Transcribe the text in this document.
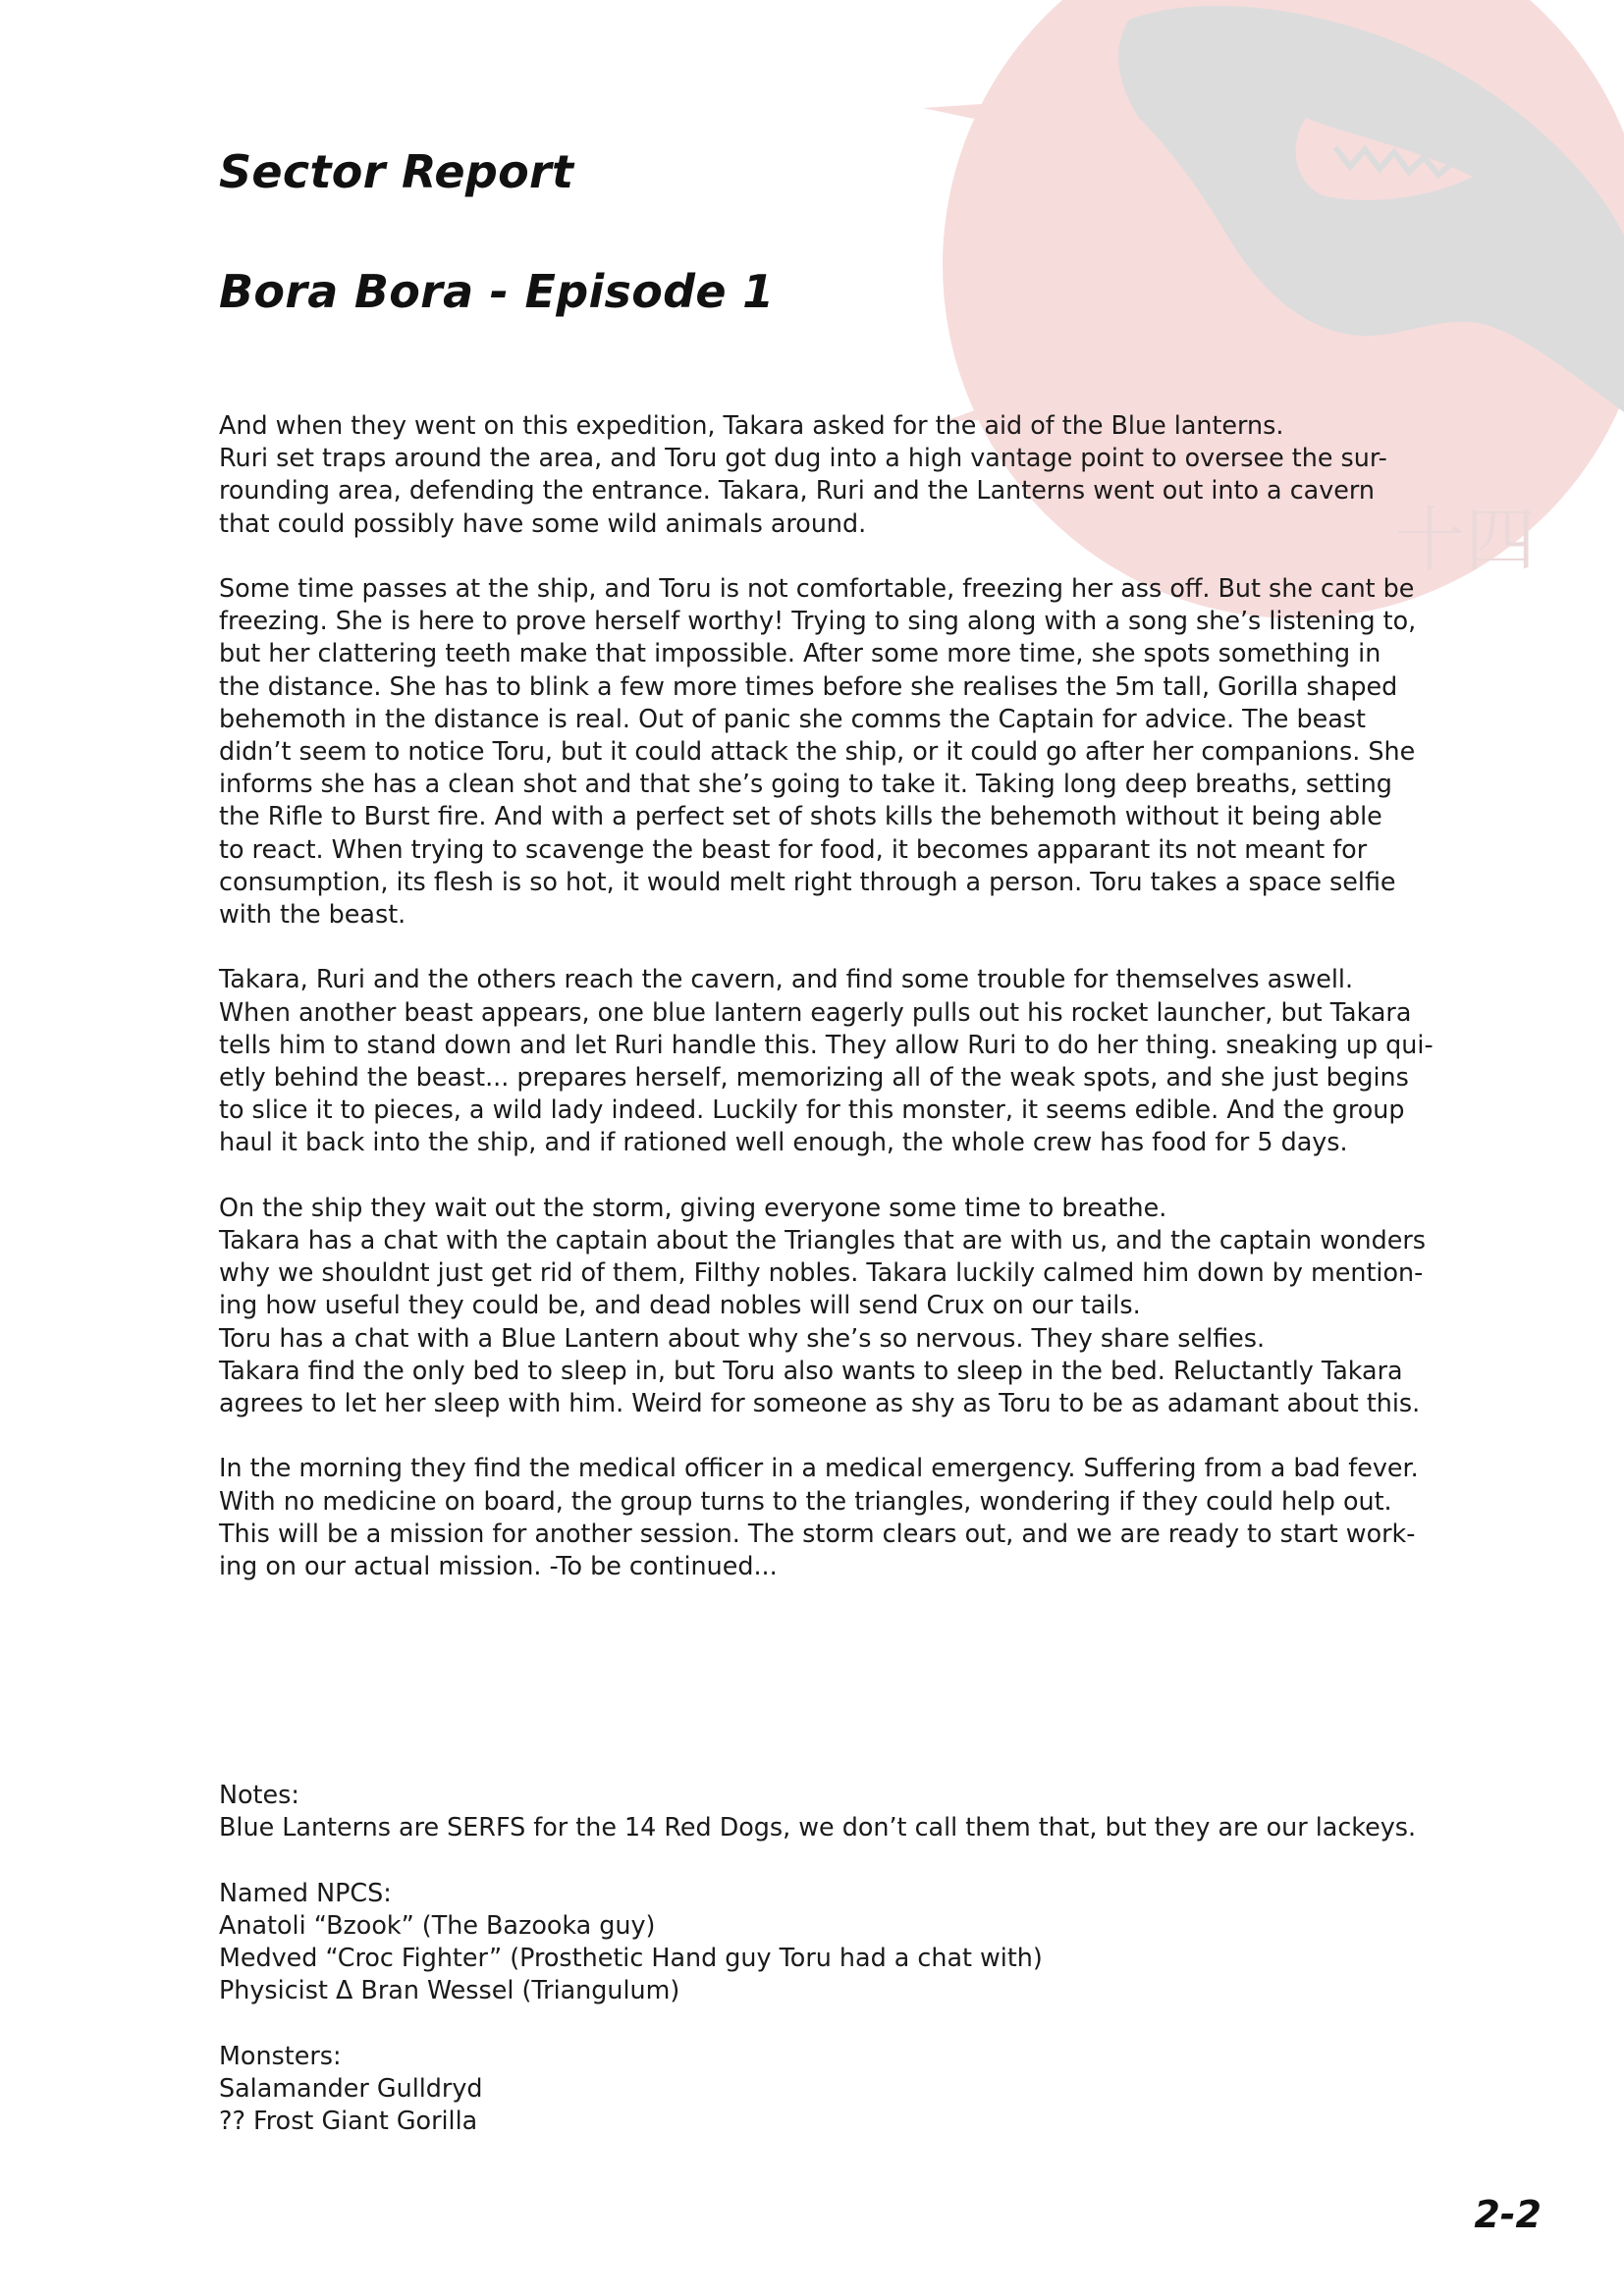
十四
Sector Report
Bora Bora - Episode 1

And when they went on this expedition, Takara asked for the aid of the Blue lanterns.
Ruri set traps around the area, and Toru got dug into a high vantage point to oversee the sur-
rounding area, defending the entrance. Takara, Ruri and the Lanterns went out into a cavern
that could possibly have some wild animals around.

Some time passes at the ship, and Toru is not comfortable, freezing her ass off. But she cant be
freezing. She is here to prove herself worthy! Trying to sing along with a song she’s listening to,
but her clattering teeth make that impossible. After some more time, she spots something in
the distance. She has to blink a few more times before she realises the 5m tall, Gorilla shaped
behemoth in the distance is real. Out of panic she comms the Captain for advice. The beast
didn’t seem to notice Toru, but it could attack the ship, or it could go after her companions. She
informs she has a clean shot and that she’s going to take it. Taking long deep breaths, setting
the Rifle to Burst fire. And with a perfect set of shots kills the behemoth without it being able
to react. When trying to scavenge the beast for food, it becomes apparant its not meant for
consumption, its flesh is so hot, it would melt right through a person. Toru takes a space selfie
with the beast.

Takara, Ruri and the others reach the cavern, and find some trouble for themselves aswell.
When another beast appears, one blue lantern eagerly pulls out his rocket launcher, but Takara
tells him to stand down and let Ruri handle this. They allow Ruri to do her thing. sneaking up qui-
etly behind the beast... prepares herself, memorizing all of the weak spots, and she just begins
to slice it to pieces, a wild lady indeed. Luckily for this monster, it seems edible. And the group
haul it back into the ship, and if rationed well enough, the whole crew has food for 5 days.

On the ship they wait out the storm, giving everyone some time to breathe.
Takara has a chat with the captain about the Triangles that are with us, and the captain wonders
why we shouldnt just get rid of them, Filthy nobles. Takara luckily calmed him down by mention-
ing how useful they could be, and dead nobles will send Crux on our tails.
Toru has a chat with a Blue Lantern about why she’s so nervous. They share selfies.
Takara find the only bed to sleep in, but Toru also wants to sleep in the bed. Reluctantly Takara
agrees to let her sleep with him. Weird for someone as shy as Toru to be as adamant about this.

In the morning they find the medical officer in a medical emergency. Suffering from a bad fever.
With no medicine on board, the group turns to the triangles, wondering if they could help out.
This will be a mission for another session. The storm clears out, and we are ready to start work-
ing on our actual mission. -To be continued...

Notes:
Blue Lanterns are SERFS for the 14 Red Dogs, we don’t call them that, but they are our lackeys.
Named NPCS:
Anatoli “Bzook” (The Bazooka guy)
Medved “Croc Fighter” (Prosthetic Hand guy Toru had a chat with)
Physicist Δ Bran Wessel (Triangulum)
Monsters:
Salamander Gulldryd
?? Frost Giant Gorilla
2-2
